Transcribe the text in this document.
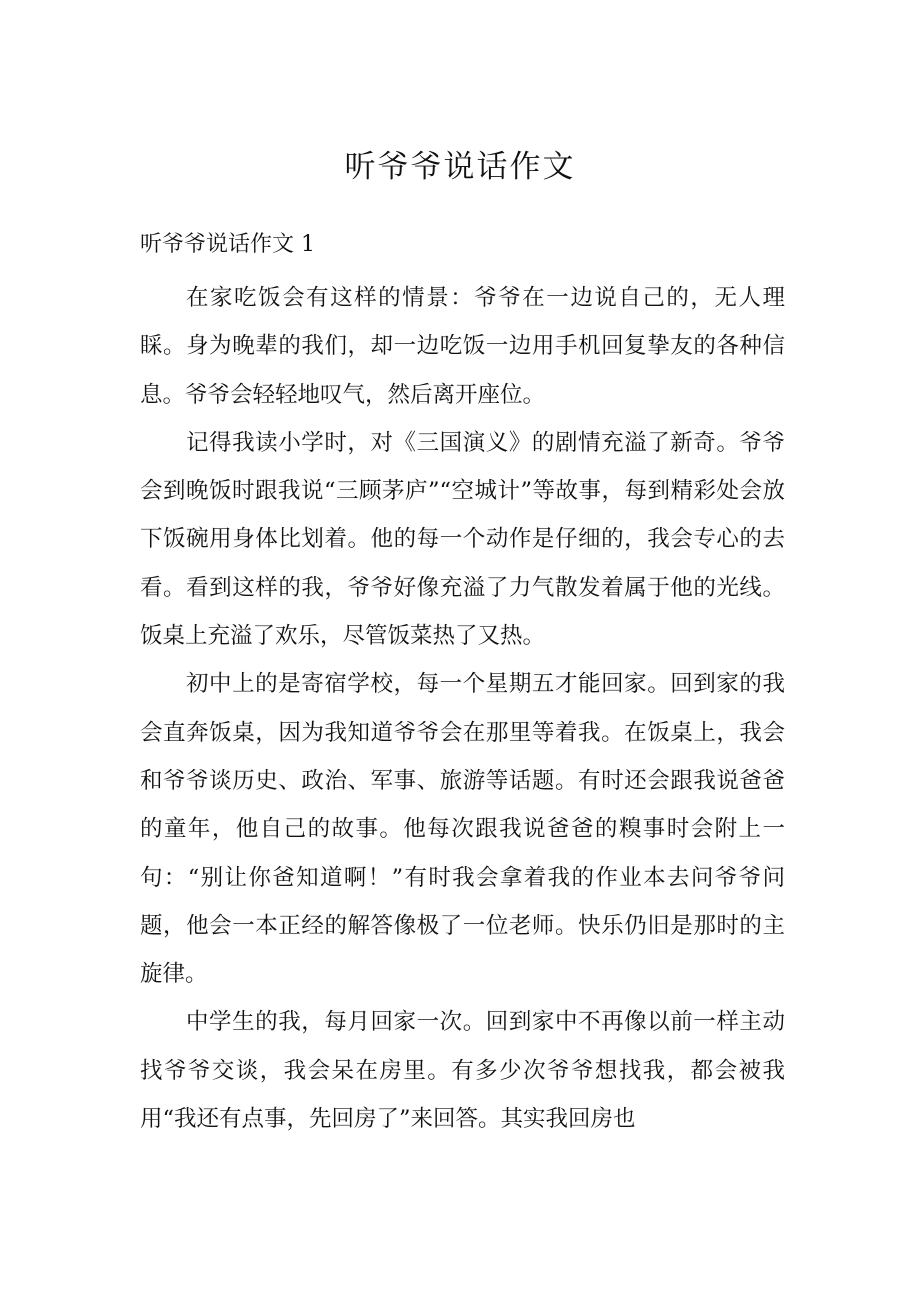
听爷爷说话作文

听爷爷说话作文 1

在家吃饭会有这样的情景：爷爷在一边说自己的，无人理睬。身为晚辈的我们，却一边吃饭一边用手机回复挚友的各种信息。爷爷会轻轻地叹气，然后离开座位。

记得我读小学时，对《三国演义》的剧情充溢了新奇。爷爷会到晚饭时跟我说“三顾茅庐”“空城计”等故事，每到精彩处会放下饭碗用身体比划着。他的每一个动作是仔细的，我会专心的去看。看到这样的我，爷爷好像充溢了力气散发着属于他的光线。饭桌上充溢了欢乐，尽管饭菜热了又热。

初中上的是寄宿学校，每一个星期五才能回家。回到家的我会直奔饭桌，因为我知道爷爷会在那里等着我。在饭桌上，我会和爷爷谈历史、政治、军事、旅游等话题。有时还会跟我说爸爸的童年，他自己的故事。他每次跟我说爸爸的糗事时会附上一句：“别让你爸知道啊！”有时我会拿着我的作业本去问爷爷问题，他会一本正经的解答像极了一位老师。快乐仍旧是那时的主旋律。

中学生的我，每月回家一次。回到家中不再像以前一样主动找爷爷交谈，我会呆在房里。有多少次爷爷想找我，都会被我用“我还有点事，先回房了”来回答。其实我回房也
